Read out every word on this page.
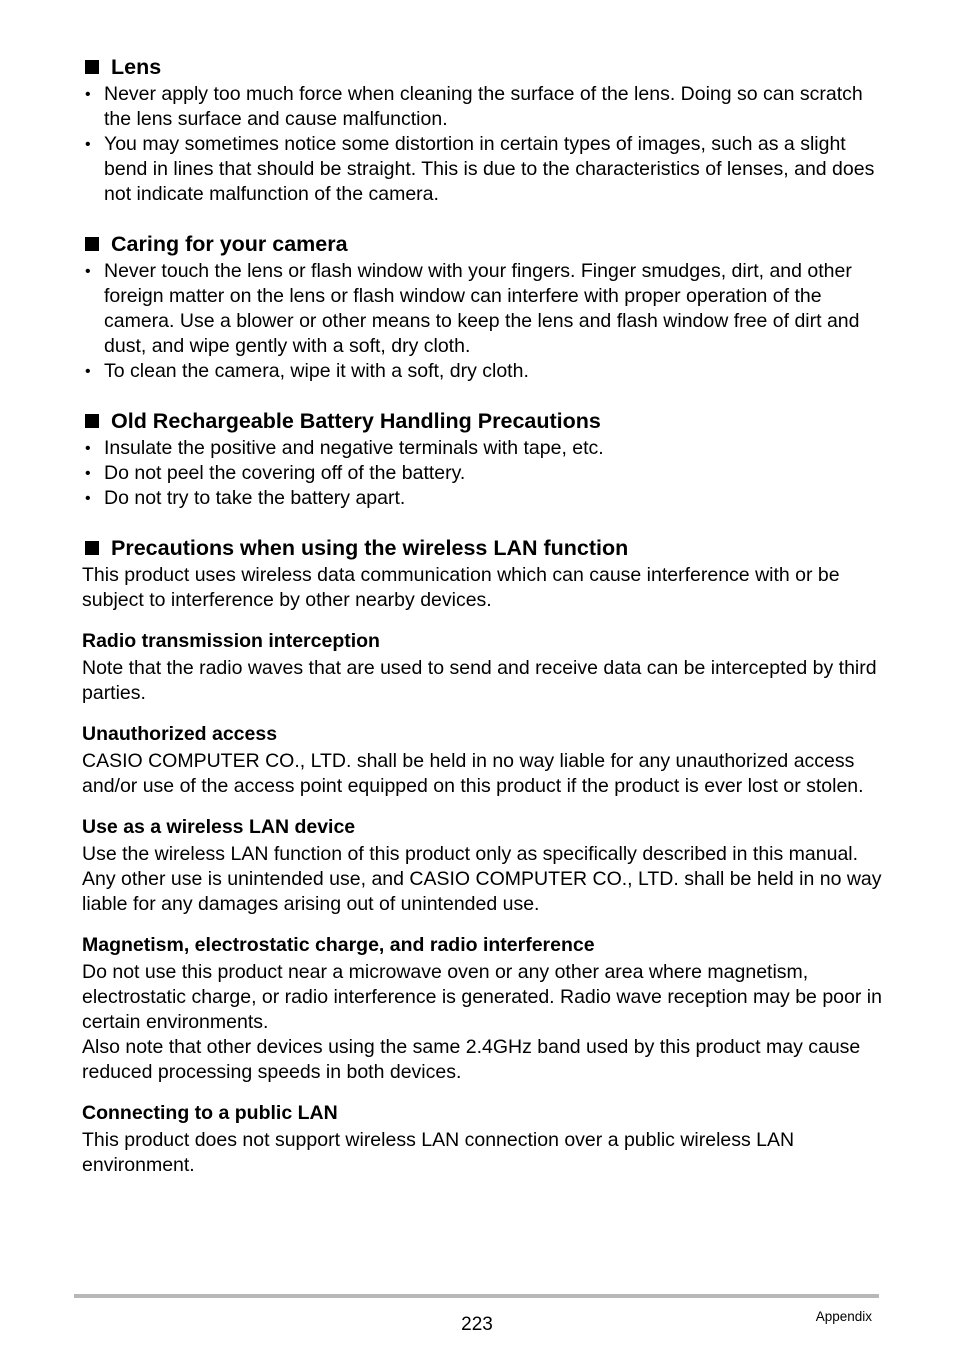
Lens
• Never apply too much force when cleaning the surface of the lens. Doing so can scratch the lens surface and cause malfunction.
• You may sometimes notice some distortion in certain types of images, such as a slight bend in lines that should be straight. This is due to the characteristics of lenses, and does not indicate malfunction of the camera.
Caring for your camera
• Never touch the lens or flash window with your fingers. Finger smudges, dirt, and other foreign matter on the lens or flash window can interfere with proper operation of the camera. Use a blower or other means to keep the lens and flash window free of dirt and dust, and wipe gently with a soft, dry cloth.
• To clean the camera, wipe it with a soft, dry cloth.
Old Rechargeable Battery Handling Precautions
• Insulate the positive and negative terminals with tape, etc.
• Do not peel the covering off of the battery.
• Do not try to take the battery apart.
Precautions when using the wireless LAN function

This product uses wireless data communication which can cause interference with or be subject to interference by other nearby devices.

Radio transmission interception

Note that the radio waves that are used to send and receive data can be intercepted by third parties.

Unauthorized access

CASIO COMPUTER CO., LTD. shall be held in no way liable for any unauthorized access and/or use of the access point equipped on this product if the product is ever lost or stolen.

Use as a wireless LAN device

Use the wireless LAN function of this product only as specifically described in this manual. Any other use is unintended use, and CASIO COMPUTER CO., LTD. shall be held in no way liable for any damages arising out of unintended use.

Magnetism, electrostatic charge, and radio interference

Do not use this product near a microwave oven or any other area where magnetism, electrostatic charge, or radio interference is generated. Radio wave reception may be poor in certain environments.

Also note that other devices using the same 2.4GHz band used by this product may cause reduced processing speeds in both devices.

Connecting to a public LAN

This product does not support wireless LAN connection over a public wireless LAN environment.

223	Appendix
